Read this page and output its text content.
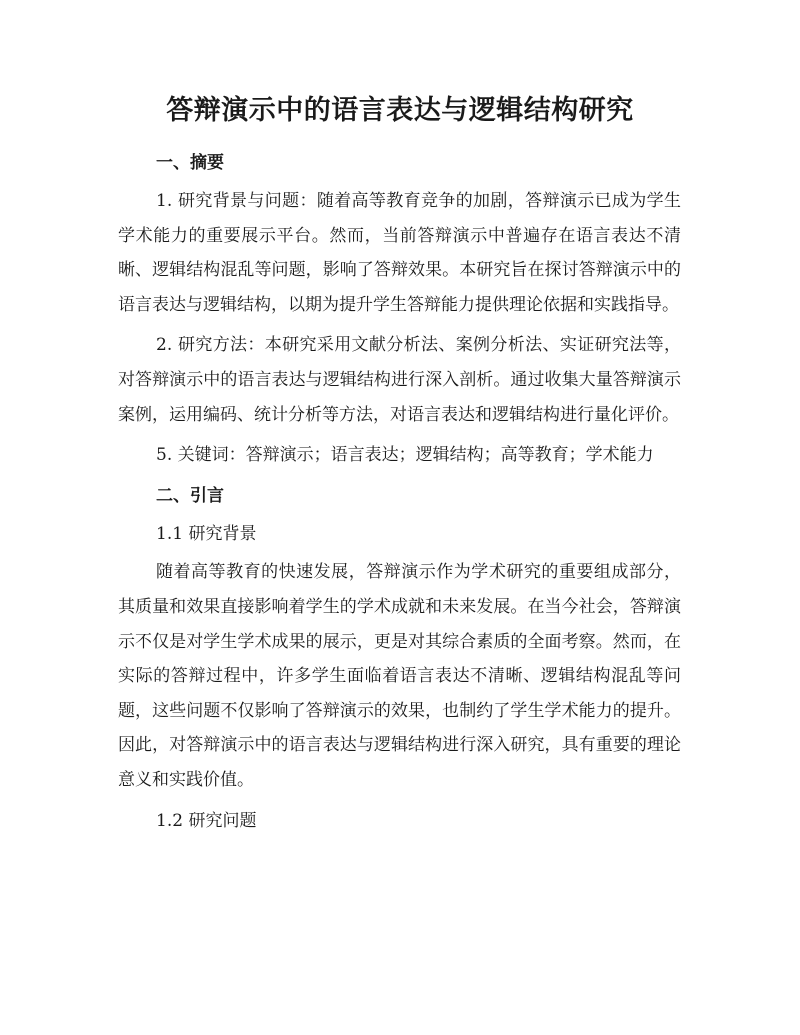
答辩演示中的语言表达与逻辑结构研究

一、摘要

1. 研究背景与问题：随着高等教育竞争的加剧，答辩演示已成为学生学术能力的重要展示平台。然而，当前答辩演示中普遍存在语言表达不清晰、逻辑结构混乱等问题，影响了答辩效果。本研究旨在探讨答辩演示中的语言表达与逻辑结构，以期为提升学生答辩能力提供理论依据和实践指导。

2. 研究方法：本研究采用文献分析法、案例分析法、实证研究法等，对答辩演示中的语言表达与逻辑结构进行深入剖析。通过收集大量答辩演示案例，运用编码、统计分析等方法，对语言表达和逻辑结构进行量化评价。

5. 关键词：答辩演示；语言表达；逻辑结构；高等教育；学术能力

二、引言

1.1 研究背景

随着高等教育的快速发展，答辩演示作为学术研究的重要组成部分，其质量和效果直接影响着学生的学术成就和未来发展。在当今社会，答辩演示不仅是对学生学术成果的展示，更是对其综合素质的全面考察。然而，在实际的答辩过程中，许多学生面临着语言表达不清晰、逻辑结构混乱等问题，这些问题不仅影响了答辩演示的效果，也制约了学生学术能力的提升。因此，对答辩演示中的语言表达与逻辑结构进行深入研究，具有重要的理论意义和实践价值。

1.2 研究问题
